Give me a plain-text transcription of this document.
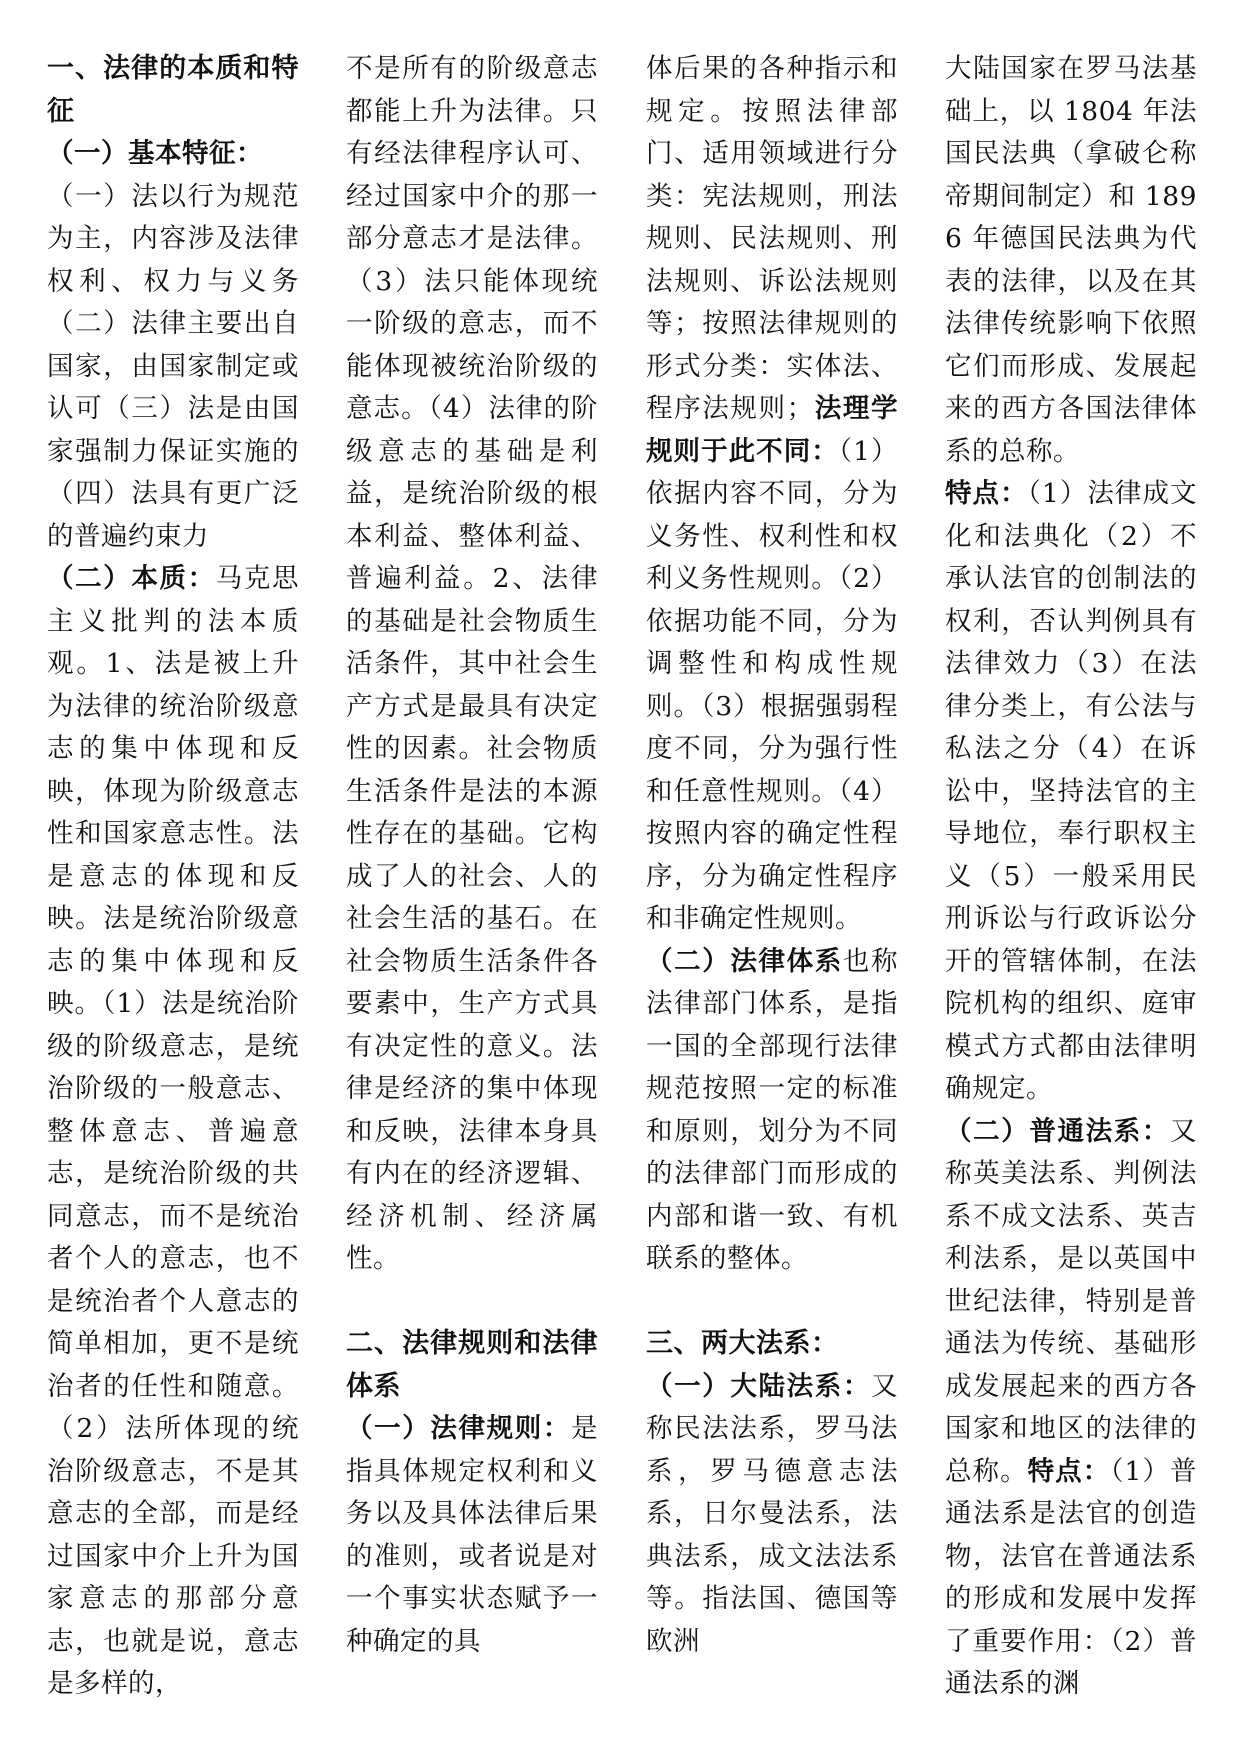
一、法律的本质和特征
（一）基本特征：
（一）法以行为规范为主，内容涉及法律权利、权力与义务（二）法律主要出自国家，由国家制定或认可（三）法是由国家强制力保证实施的（四）法具有更广泛的普遍约束力
（二）本质：马克思主义批判的法本质观。1、法是被上升为法律的统治阶级意志的集中体现和反映，体现为阶级意志性和国家意志性。法是意志的体现和反映。法是统治阶级意志的集中体现和反映。（1）法是统治阶级的阶级意志，是统治阶级的一般意志、整体意志、普遍意志，是统治阶级的共同意志，而不是统治者个人的意志，也不是统治者个人意志的简单相加，更不是统治者的任性和随意。（2）法所体现的统治阶级意志，不是其意志的全部，而是经过国家中介上升为国家意志的那部分意志，也就是说，意志是多样的，
不是所有的阶级意志都能上升为法律。只有经法律程序认可、经过国家中介的那一部分意志才是法律。（3）法只能体现统一阶级的意志，而不能体现被统治阶级的意志。（4）法律的阶级意志的基础是利益，是统治阶级的根本利益、整体利益、普遍利益。2、法律的基础是社会物质生活条件，其中社会生产方式是最具有决定性的因素。社会物质生活条件是法的本源性存在的基础。它构成了人的社会、人的社会生活的基石。在社会物质生活条件各要素中，生产方式具有决定性的意义。法律是经济的集中体现和反映，法律本身具有内在的经济逻辑、经济机制、经济属性。
二、法律规则和法律体系
（一）法律规则：是指具体规定权利和义务以及具体法律后果的准则，或者说是对一个事实状态赋予一种确定的具
体后果的各种指示和规定。按照法律部门、适用领域进行分类：宪法规则，刑法规则、民法规则、刑法规则、诉讼法规则等；按照法律规则的形式分类：实体法、程序法规则；法理学规则于此不同：（1）依据内容不同，分为义务性、权利性和权利义务性规则。（2）依据功能不同，分为调整性和构成性规则。（3）根据强弱程度不同，分为强行性和任意性规则。（4）按照内容的确定性程序，分为确定性程序和非确定性规则。
（二）法律体系也称法律部门体系，是指一国的全部现行法律规范按照一定的标准和原则，划分为不同的法律部门而形成的内部和谐一致、有机联系的整体。
三、两大法系：
（一）大陆法系：又称民法法系，罗马法系，罗马德意志法系，日尔曼法系，法典法系，成文法法系等。指法国、德国等欧洲
大陆国家在罗马法基础上，以 1804 年法国民法典（拿破仑称帝期间制定）和 1896 年德国民法典为代表的法律，以及在其法律传统影响下依照它们而形成、发展起来的西方各国法律体系的总称。
特点：（1）法律成文化和法典化（2）不承认法官的创制法的权利，否认判例具有法律效力（3）在法律分类上，有公法与私法之分（4）在诉讼中，坚持法官的主导地位，奉行职权主义（5）一般采用民刑诉讼与行政诉讼分开的管辖体制，在法院机构的组织、庭审模式方式都由法律明确规定。
（二）普通法系：又称英美法系、判例法系不成文法系、英吉利法系，是以英国中世纪法律，特别是普通法为传统、基础形成发展起来的西方各国家和地区的法律的总称。特点：（1）普通法系是法官的创造物，法官在普通法系的形成和发展中发挥了重要作用：（2）普通法系的渊
